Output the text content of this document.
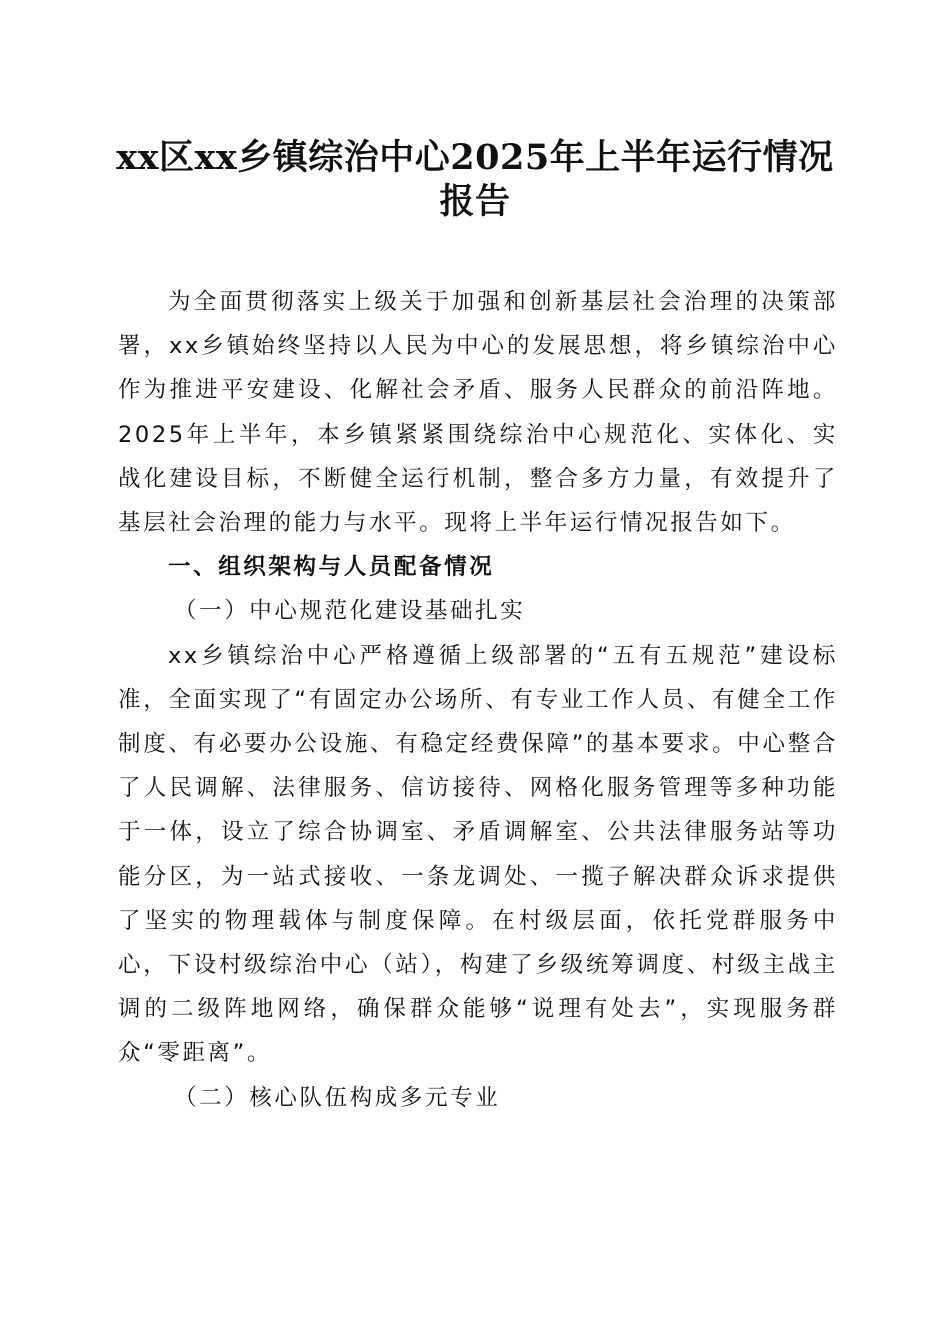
xx区xx乡镇综治中心2025年上半年运行情况
报告

为全面贯彻落实上级关于加强和创新基层社会治理的决策部署，xx乡镇始终坚持以人民为中心的发展思想，将乡镇综治中心作为推进平安建设、化解社会矛盾、服务人民群众的前沿阵地。2025年上半年，本乡镇紧紧围绕综治中心规范化、实体化、实战化建设目标，不断健全运行机制，整合多方力量，有效提升了基层社会治理的能力与水平。现将上半年运行情况报告如下。

一、组织架构与人员配备情况

（一）中心规范化建设基础扎实

xx乡镇综治中心严格遵循上级部署的“五有五规范”建设标准，全面实现了“有固定办公场所、有专业工作人员、有健全工作制度、有必要办公设施、有稳定经费保障”的基本要求。中心整合了人民调解、法律服务、信访接待、网格化服务管理等多种功能于一体，设立了综合协调室、矛盾调解室、公共法律服务站等功能分区，为一站式接收、一条龙调处、一揽子解决群众诉求提供了坚实的物理载体与制度保障。在村级层面，依托党群服务中心，下设村级综治中心（站），构建了乡级统筹调度、村级主战主调的二级阵地网络，确保群众能够“说理有处去”，实现服务群众“零距离”。

（二）核心队伍构成多元专业
